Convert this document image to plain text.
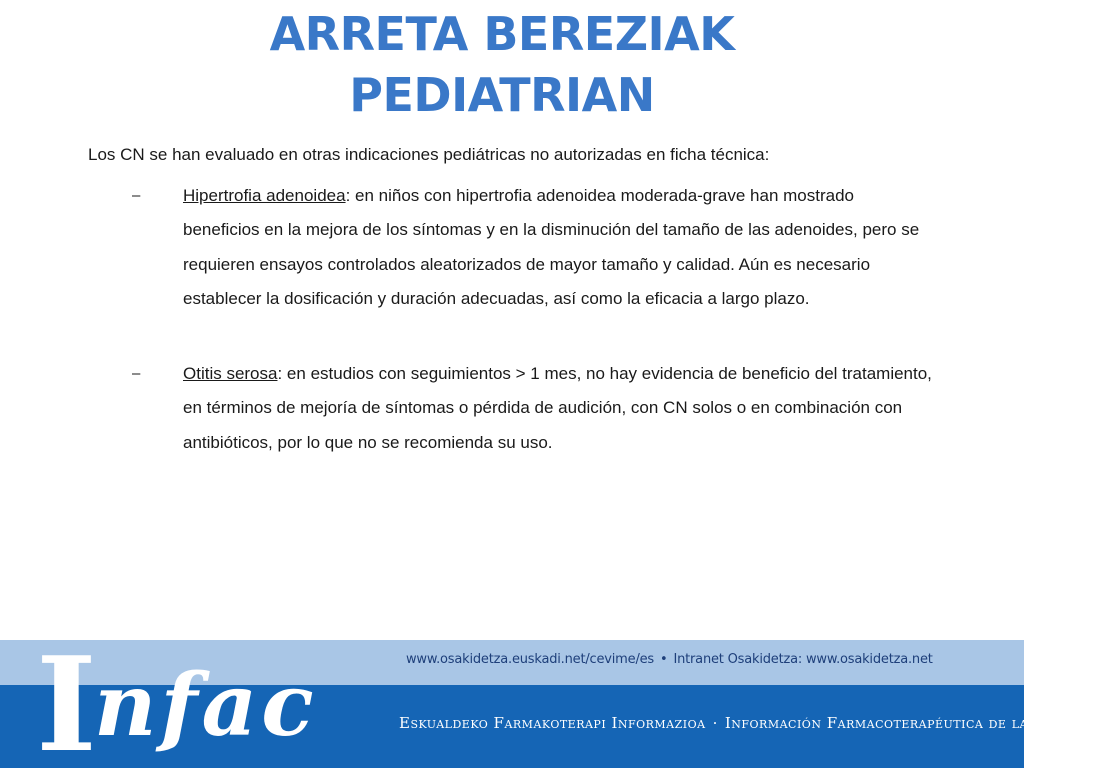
ARRETA BEREZIAK
PEDIATRIAN

Los CN se han evaluado en otras indicaciones pediátricas no autorizadas en ficha técnica:

–	Hipertrofia adenoidea: en niños con hipertrofia adenoidea moderada-grave han mostrado beneficios en la mejora de los síntomas y en la disminución del tamaño de las adenoides, pero se requieren ensayos controlados aleatorizados de mayor tamaño y calidad. Aún es necesario establecer la dosificación y duración adecuadas, así como la eficacia a largo plazo.
–	Otitis serosa: en estudios con seguimientos > 1 mes, no hay evidencia de beneficio del tratamiento, en términos de mejoría de síntomas o pérdida de audición, con CN solos o en combinación con antibióticos, por lo que no se recomienda su uso.
www.osakidetza.euskadi.net/cevime/es • Intranet Osakidetza: www.osakidetza.net
I
nfac	Eskualdeko Farmakoterapi Informazioa · Información Farmacoterapéutica de la Comarca
